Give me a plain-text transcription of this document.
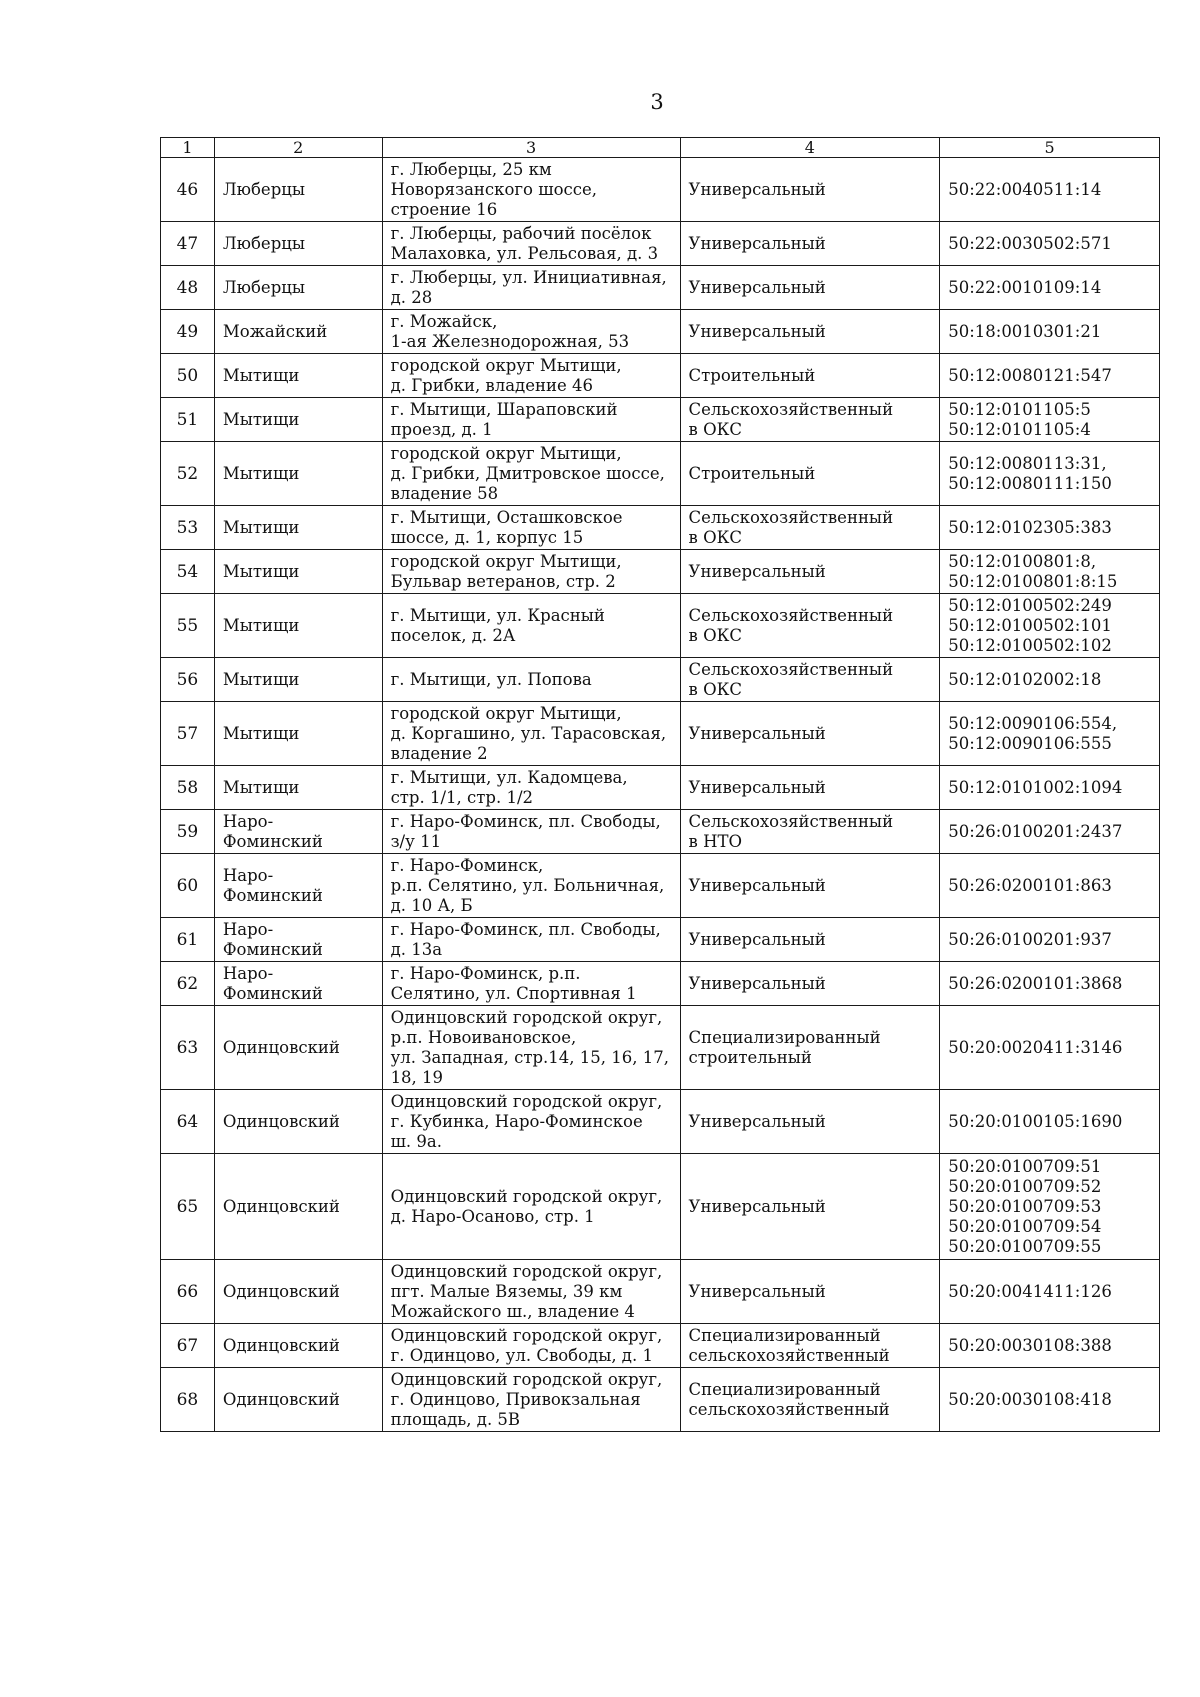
3
1	2	3	4	5
46	Люберцы	г. Люберцы, 25 км
Новорязанского шоссе,
строение 16	Универсальный	50:22:0040511:14

47	Люберцы	г. Люберцы, рабочий посёлок
Малаховка, ул. Рельсовая, д. 3	Универсальный	50:22:0030502:571

48	Люберцы	г. Люберцы, ул. Инициативная,
д. 28	Универсальный	50:22:0010109:14

49	Можайский	г. Можайск,
1-ая Железнодорожная, 53	Универсальный	50:18:0010301:21

50	Мытищи	городской округ Мытищи,
д. Грибки, владение 46	Строительный	50:12:0080121:547

51	Мытищи	г. Мытищи, Шараповский
проезд, д. 1	Сельскохозяйственный
в ОКС	50:12:0101105:5
50:12:0101105:4

52	Мытищи	городской округ Мытищи,
д. Грибки, Дмитровское шоссе,
владение 58	Строительный	50:12:0080113:31,
50:12:0080111:150

53	Мытищи	г. Мытищи, Осташковское
шоссе, д. 1, корпус 15	Сельскохозяйственный
в ОКС	50:12:0102305:383

54	Мытищи	городской округ Мытищи,
Бульвар ветеранов, стр. 2	Универсальный	50:12:0100801:8,
50:12:0100801:8:15

55	Мытищи	г. Мытищи, ул. Красный
поселок, д. 2А	Сельскохозяйственный
в ОКС	50:12:0100502:249
50:12:0100502:101
50:12:0100502:102

56	Мытищи	г. Мытищи, ул. Попова	Сельскохозяйственный
в ОКС	50:12:0102002:18

57	Мытищи	городской округ Мытищи,
д. Коргашино, ул. Тарасовская,
владение 2	Универсальный	50:12:0090106:554,
50:12:0090106:555

58	Мытищи	г. Мытищи, ул. Кадомцева,
стр. 1/1, стр. 1/2	Универсальный	50:12:0101002:1094

59	Наро-
Фоминский	г. Наро-Фоминск, пл. Свободы,
з/у 11	Сельскохозяйственный
в НТО	50:26:0100201:2437

60	Наро-
Фоминский	г. Наро-Фоминск,
р.п. Селятино, ул. Больничная,
д. 10 А, Б	Универсальный	50:26:0200101:863

61	Наро-
Фоминский	г. Наро-Фоминск, пл. Свободы,
д. 13а	Универсальный	50:26:0100201:937

62	Наро-
Фоминский	г. Наро-Фоминск, р.п.
Селятино, ул. Спортивная 1	Универсальный	50:26:0200101:3868

63	Одинцовский	Одинцовский городской округ,
р.п. Новоивановское,
ул. Западная, стр.14, 15, 16, 17,
18, 19	Специализированный
строительный	50:20:0020411:3146

64	Одинцовский	Одинцовский городской округ,
г. Кубинка, Наро-Фоминское
ш. 9а.	Универсальный	50:20:0100105:1690

65	Одинцовский	Одинцовский городской округ,
д. Наро-Осаново, стр. 1	Универсальный	50:20:0100709:51
50:20:0100709:52
50:20:0100709:53
50:20:0100709:54
50:20:0100709:55

66	Одинцовский	Одинцовский городской округ,
пгт. Малые Вяземы, 39 км
Можайского ш., владение 4	Универсальный	50:20:0041411:126

67	Одинцовский	Одинцовский городской округ,
г. Одинцово, ул. Свободы, д. 1	Специализированный
сельскохозяйственный	50:20:0030108:388

68	Одинцовский	Одинцовский городской округ,
г. Одинцово, Привокзальная
площадь, д. 5В	Специализированный
сельскохозяйственный	50:20:0030108:418
